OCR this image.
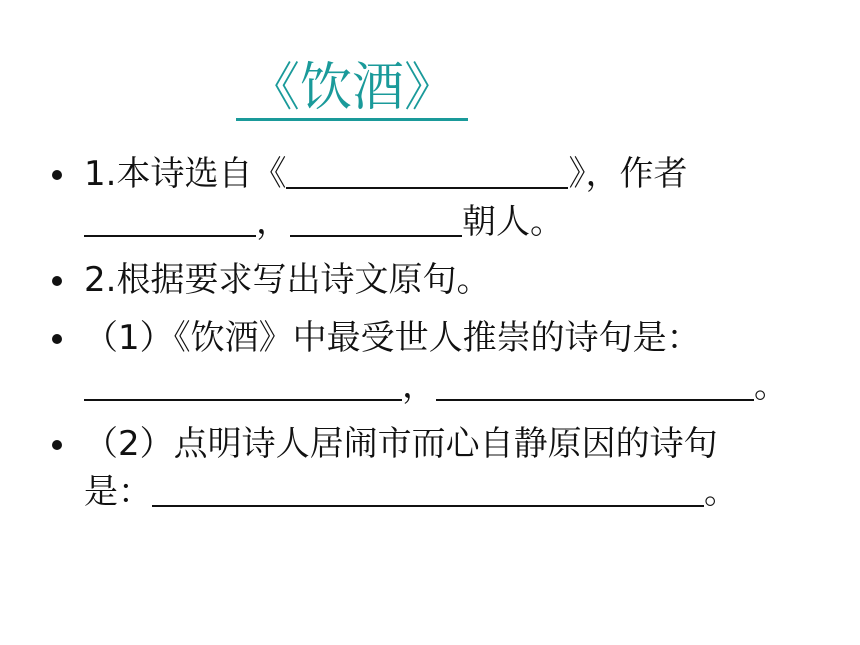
《饮酒》
1.本诗选自《	》，作者
，	朝人。
2.根据要求写出诗文原句。
（1）《饮酒》中最受世人推崇的诗句是：
，	。
（2）点明诗人居闹市而心自静原因的诗句
是：	。
